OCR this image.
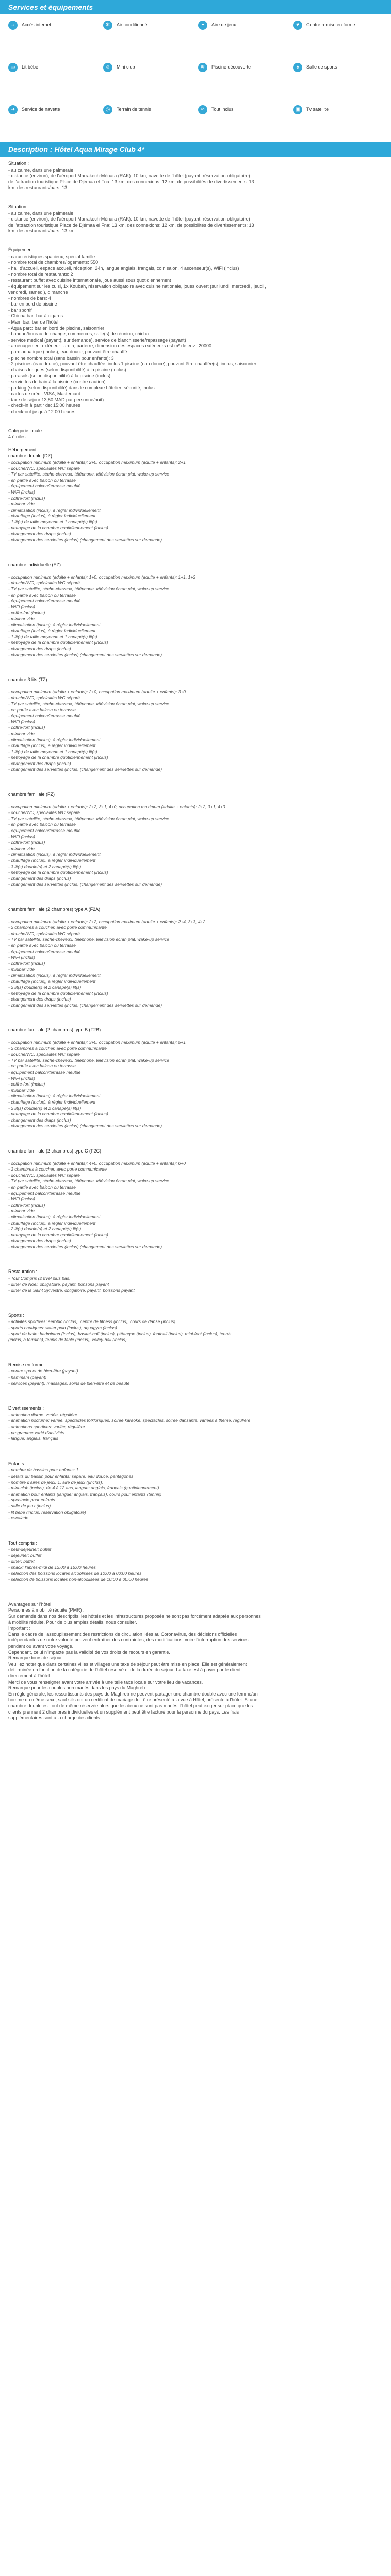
Services et équipements
≈	Accès internet	✻	Air conditionné	◓	Aire de jeux	♥	Centre remise en forme
▭	Lit bébé	☺	Mini club	≋	Piscine découverte	♠	Salle de sports
➜	Service de navette	◎	Terrain de tennis	∞	Tout inclus	▣	Tv satellite
Description : Hôtel Aqua Mirage Club 4*
Situation :
- au calme, dans une palmeraie
- distance (environ), de l'aéroport Marrakech-Ménara (RAK): 10 km, navette de l'hôtel (payant; réservation obligatoire)
de l'attraction touristique Place de Djémaa el Fna: 13 km, des connexions: 12 km, de possibilités de divertissements: 13
km, des restaurants/bars: 13...
Situation :
- au calme, dans une palmeraie
- distance (environ), de l'aéroport Marrakech-Ménara (RAK): 10 km, navette de l'hôtel (payant; réservation obligatoire)
de l'attraction touristique Place de Djémaa el Fna: 13 km, des connexions: 12 km, de possibilités de divertissements: 13
km, des restaurants/bars: 13 km
Équipement :
- caractéristiques spacieux, spécial famille
- nombre total de chambres/logements: 550
- hall d'accueil, espace accueil, réception, 24h, langue anglais, français, coin salon, 4 ascenseur(s), WiFi (inclus)
- nombre total de restaurants: 2
- restaurant buffet avec cuisine internationale, joue aussi sous quotidiennement
- équipement sur les cuisi, 1x Koubah, réservation obligatoire avec cuisine nationale, joues ouvert (sur lundi, mercredi , jeudi ,
vendredi, samedi), dimanche
- nombres de bars: 4
- bar en bord de piscine
- bar sportif
- Chicha bar: bar à cigares
- Mam bar: bar de l'hôtel
- Aqua parc: bar en bord de piscine, saisonnier
- banque/bureau de change, commerces, salle(s) de réunion, chicha
- service médical (payant), sur demande), service de blanchisserie/repassage (payant)
- aménagement extérieur: jardin, parterre, dimension des espaces extérieurs est m² de env.: 20000
- parc aquatique (inclus), eau douce, pouvant être chauffé
- piscine nombre total (sans bassin pour enfants): 3
- 2 piscines (eau douce), pouvant être chauffée, inclus 1 piscine (eau douce), pouvant être chauffée(s), inclus, saisonnier
- chaises longues (selon disponibilité) à la piscine (inclus)
- parasols (selon disponibilité) à la piscine (inclus)
- serviettes de bain à la piscine (contre caution)
- parking (selon disponibilité) dans le complexe hôtelier: sécurité, inclus
- cartes de crédit VISA, Mastercard
- taxe de séjour 13,50 MAD par personne/nuit)
- check-in à partir de: 15:00 heures
- check-out jusqu'à 12:00 heures
Catégorie locale :
4 étoiles
Hébergement :
chambre double (DZ)
- occupation minimum (adulte + enfants): 2+0, occupation maximum (adulte + enfants): 2+1
- douche/WC, spécialités WC séparé
- TV par satellite, sèche-cheveux, téléphone, télévision écran plat, wake-up service
- en partie avec balcon ou terrasse
- équipement balcon/terrasse meublé
- WiFi (inclus)
- coffre-fort (inclus)
- minibar vide
- climatisation (inclus), à régler individuellement
- chauffage (inclus), à régler individuellement
- 1 lit(s) de taille moyenne et 1 canapé(s) lit(s)
- nettoyage de la chambre quotidiennement (inclus)
- changement des draps (inclus)
- changement des serviettes (inclus) (changement des serviettes sur demande)
chambre individuelle (EZ)
- occupation minimum (adulte + enfants): 1+0, occupation maximum (adulte + enfants): 1+1, 1+2
- douche/WC, spécialités WC séparé
- TV par satellite, sèche-cheveux, téléphone, télévision écran plat, wake-up service
- en partie avec balcon ou terrasse
- équipement balcon/terrasse meublé
- WiFi (inclus)
- coffre-fort (inclus)
- minibar vide
- climatisation (inclus), à régler individuellement
- chauffage (inclus), à régler individuellement
- 1 lit(s) de taille moyenne et 1 canapé(s) lit(s)
- nettoyage de la chambre quotidiennement (inclus)
- changement des draps (inclus)
- changement des serviettes (inclus) (changement des serviettes sur demande)
chambre 3 lits (TZ)
- occupation minimum (adulte + enfants): 2+0, occupation maximum (adulte + enfants): 3+0
- douche/WC, spécialités WC séparé
- TV par satellite, sèche-cheveux, téléphone, télévision écran plat, wake-up service
- en partie avec balcon ou terrasse
- équipement balcon/terrasse meublé
- WiFi (inclus)
- coffre-fort (inclus)
- minibar vide
- climatisation (inclus), à régler individuellement
- chauffage (inclus), à régler individuellement
- 1 lit(s) de taille moyenne et 1 canapé(s) lit(s)
- nettoyage de la chambre quotidiennement (inclus)
- changement des draps (inclus)
- changement des serviettes (inclus) (changement des serviettes sur demande)
chambre familiale (FZ)
- occupation minimum (adulte + enfants): 2+2, 3+1, 4+0, occupation maximum (adulte + enfants): 2+2, 3+1, 4+0
- douche/WC, spécialités WC séparé
- TV par satellite, sèche-cheveux, téléphone, télévision écran plat, wake-up service
- en partie avec balcon ou terrasse
- équipement balcon/terrasse meublé
- WiFi (inclus)
- coffre-fort (inclus)
- minibar vide
- climatisation (inclus), à régler individuellement
- chauffage (inclus), à régler individuellement
- 3 lit(s) double(s) et 2 canapé(s) lit(s)
- nettoyage de la chambre quotidiennement (inclus)
- changement des draps (inclus)
- changement des serviettes (inclus) (changement des serviettes sur demande)
chambre familiale (2 chambres) type A (F2A)
- occupation minimum (adulte + enfants): 2+2, occupation maximum (adulte + enfants): 2+4, 3+3, 4+2
- 2 chambres à coucher, avec porte communicante
- douche/WC, spécialités WC séparé
- TV par satellite, sèche-cheveux, téléphone, télévision écran plat, wake-up service
- en partie avec balcon ou terrasse
- équipement balcon/terrasse meublé
- WiFi (inclus)
- coffre-fort (inclus)
- minibar vide
- climatisation (inclus), à régler individuellement
- chauffage (inclus), à régler individuellement
- 2 lit(s) double(s) et 2 canapé(s) lit(s)
- nettoyage de la chambre quotidiennement (inclus)
- changement des draps (inclus)
- changement des serviettes (inclus) (changement des serviettes sur demande)
chambre familiale (2 chambres) type B (F2B)
- occupation minimum (adulte + enfants): 3+0, occupation maximum (adulte + enfants): 5+1
- 2 chambres à coucher, avec porte communicante
- douche/WC, spécialités WC séparé
- TV par satellite, sèche-cheveux, téléphone, télévision écran plat, wake-up service
- en partie avec balcon ou terrasse
- équipement balcon/terrasse meublé
- WiFi (inclus)
- coffre-fort (inclus)
- minibar vide
- climatisation (inclus), à régler individuellement
- chauffage (inclus), à régler individuellement
- 2 lit(s) double(s) et 2 canapé(s) lit(s)
- nettoyage de la chambre quotidiennement (inclus)
- changement des draps (inclus)
- changement des serviettes (inclus) (changement des serviettes sur demande)
chambre familiale (2 chambres) type C (F2C)
- occupation minimum (adulte + enfants): 4+0, occupation maximum (adulte + enfants): 6+0
- 2 chambres à coucher, avec porte communicante
- douche/WC, spécialités WC séparé
- TV par satellite, sèche-cheveux, téléphone, télévision écran plat, wake-up service
- en partie avec balcon ou terrasse
- équipement balcon/terrasse meublé
- WiFi (inclus)
- coffre-fort (inclus)
- minibar vide
- climatisation (inclus), à régler individuellement
- chauffage (inclus), à régler individuellement
- 2 lit(s) double(s) et 2 canapé(s) lit(s)
- nettoyage de la chambre quotidiennement (inclus)
- changement des draps (inclus)
- changement des serviettes (inclus) (changement des serviettes sur demande)
Restauration :
- Tout Compris (2 trvel plus bas)
- dîner de Noël, obligatoire, payant, bonsons payant
- dîner de la Saint Sylvestre, obligatoire, payant, boissons payant
Sports :
- activités sportives: aérobic (inclus), centre de fitness (inclus), cours de danse (inclus)
- sports nautiques: water polo (inclus), aquagym (inclus)
- sport de balle: badminton (inclus), basket-ball (inclus), pétanque (inclus), football (inclus), mini-foot (inclus), tennis
(inclus, à terrains), tennis de table (inclus), volley-ball (inclus)
Remise en forme :
- centre spa et de bien-être (payant)
- hammam (payant)
- services (payant): massages, soins de bien-être et de beauté
Divertissements :
- animation diurne: variée, régulière
- animation nocturne: variée, spectacles folkloriques, soirée karaoke, spectacles, soirée dansante, variées à thème, régulière
- animations sportives: variée, régulière
- programme varié d'activités
- langue: anglais, français
Enfants :
- nombre de bassins pour enfants: 1
- détails du bassin pour enfants: séparé, eau douce, pentagônes
- nombre d'aires de jeux: 1, aire de jeux ((inclus))
- mini-club (inclus), de 4 à 12 ans, langue: anglais, français (quotidiennement)
- animation pour enfants (langue: anglais, français), cours pour enfants (tennis)
- spectacle pour enfants
- salle de jeux (inclus)
- lit bébé (inclus, réservation obligatoire)
- escalade
Tout compris :
- petit-déjeuner: buffet
- déjeuner: buffet
- dîner: buffet
- snack: l'après-midi de 12:00 à 16:00 heures
- sélection des boissons locales alcoolisées de 10:00 à 00:00 heures
- sélection de boissons locales non-alcoolisées de 10:00 à 00:00 heures
Avantages sur l'hôtel
Personnes à mobilité réduite (PMR) :
Sur demande dans nos descriptifs, les hôtels et les infrastructures proposés ne sont pas forcément adaptés aux personnes
à mobilité réduite. Pour de plus amples détails, nous consulter.
Important :
Dans le cadre de l'assouplissement des restrictions de circulation liées au Coronavirus, des décisions officielles
indépendantes de notre volonté peuvent entraîner des contraintes, des modifications, voire l'interruption des services
pendant ou avant votre voyage.
Cependant, celui n'impacte pas la validité de vos droits de recours en garantie.
Remarque tours de séjour
Veuillez noter que dans certaines villes et villages une taxe de séjour peut être mise en place. Elle est généralement
déterminée en fonction de la catégorie de l'hôtel réservé et de la durée du séjour. La taxe est à payer par le client
directement à l'hôtel.
Merci de vous renseigner avant votre arrivée à une telle taxe locale sur votre lieu de vacances.
Remarque pour les couples non mariés dans les pays du Maghreb
En règle générale, les ressortissants des pays du Maghreb ne peuvent partager une chambre double avec une femme/un
homme du même sexe, sauf s'ils ont un certificat de mariage doit être présenté à la vue à Hôtel, présente à l'hôtel. Si une
chambre double est tout de même réservée alors que les deux ne sont pas mariés, l'hôtel peut exiger sur place que les
clients prennent 2 chambres individuelles et un supplément peut être facturé pour la personne du pays. Les frais
supplémentaires sont à la charge des clients.
